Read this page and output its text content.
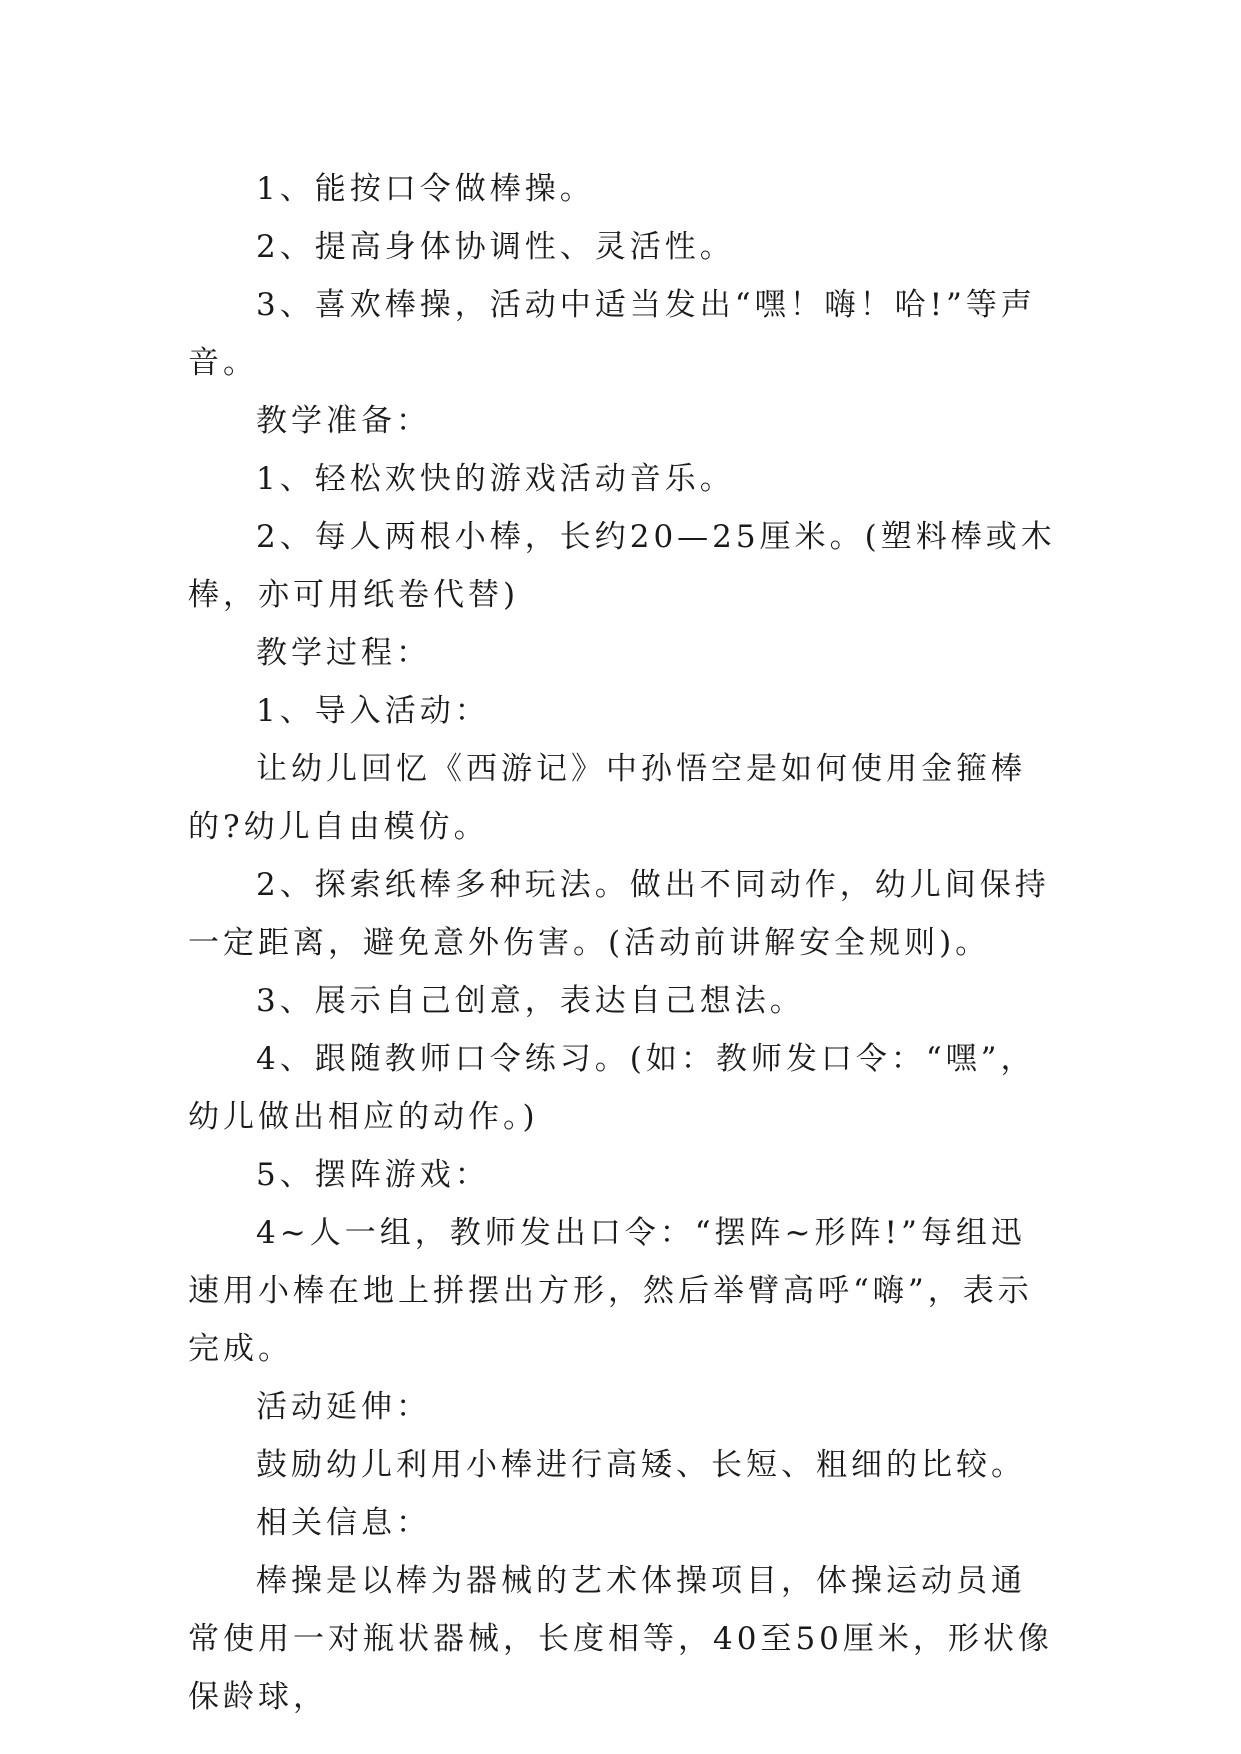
1、能按口令做棒操。

2、提高身体协调性、灵活性。

3、喜欢棒操，活动中适当发出“嘿！嗨！哈!”等声音。

教学准备：

1、轻松欢快的游戏活动音乐。

2、每人两根小棒，长约20—25厘米。(塑料棒或木棒，亦可用纸卷代替)

教学过程：

1、导入活动：

让幼儿回忆《西游记》中孙悟空是如何使用金箍棒的?幼儿自由模仿。

2、探索纸棒多种玩法。做出不同动作，幼儿间保持一定距离，避免意外伤害。(活动前讲解安全规则)。

3、展示自己创意，表达自己想法。

4、跟随教师口令练习。(如：教师发口令：“嘿”，幼儿做出相应的动作。)

5、摆阵游戏：

4~人一组，教师发出口令：“摆阵~形阵!”每组迅速用小棒在地上拼摆出方形，然后举臂高呼“嗨”，表示完成。

活动延伸：

鼓励幼儿利用小棒进行高矮、长短、粗细的比较。

相关信息：

棒操是以棒为器械的艺术体操项目，体操运动员通常使用一对瓶状器械，长度相等，40至50厘米，形状像保龄球，
